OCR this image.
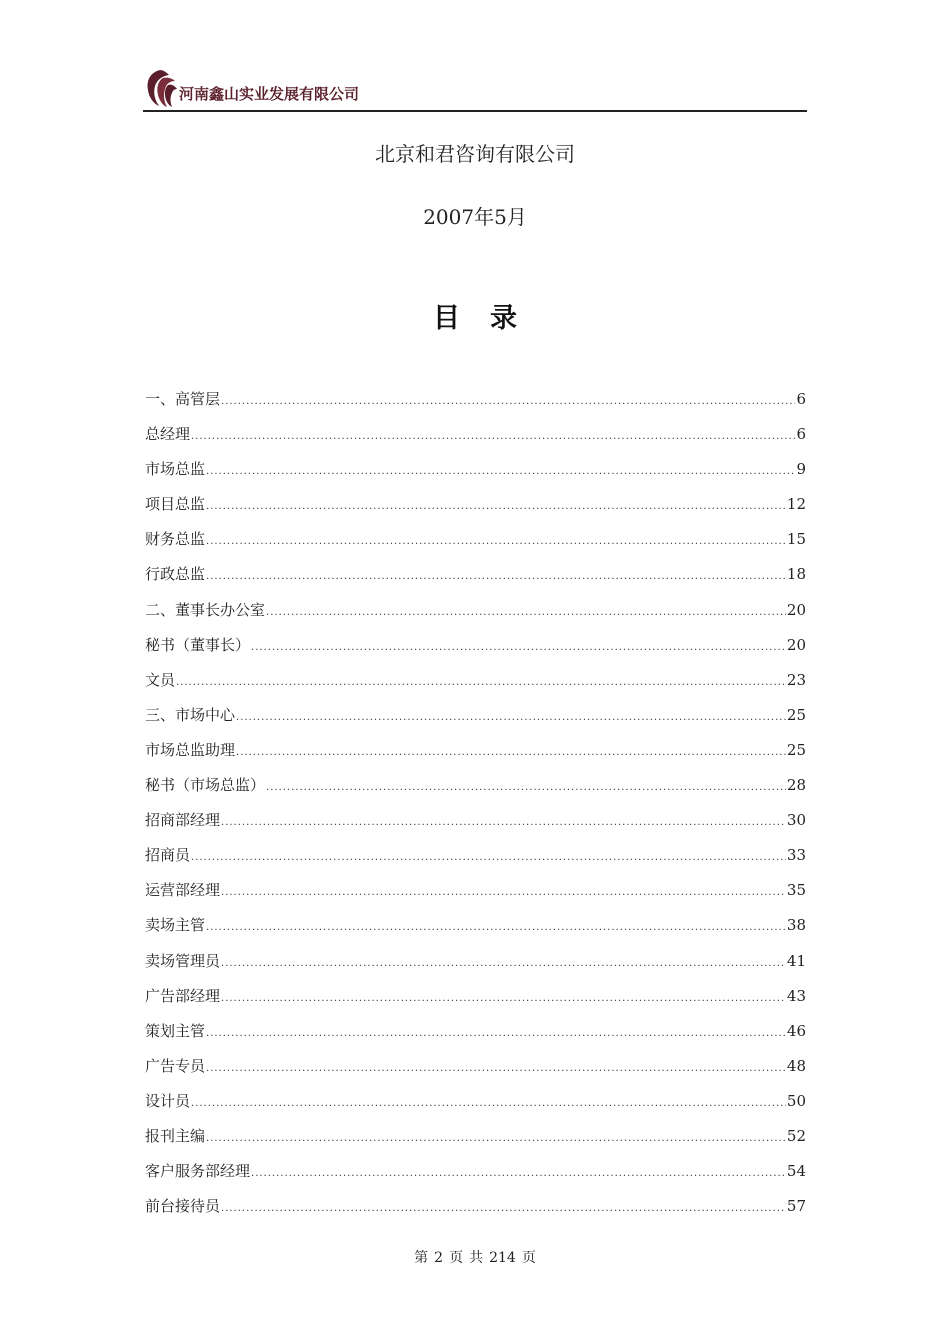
河南鑫山实业发展有限公司
北京和君咨询有限公司
2007年5月
目录
一、高管层 .....	6
总经理 .....	6
市场总监 .....	9
项目总监 .....	12
财务总监 .....	15
行政总监 .....	18
二、董事长办公室 .....	20
秘书（董事长） .....	20
文员 .....	23
三、市场中心 .....	25
市场总监助理 .....	25
秘书（市场总监） .....	28
招商部经理 .....	30
招商员 .....	33
运营部经理 .....	35
卖场主管 .....	38
卖场管理员 .....	41
广告部经理 .....	43
策划主管 .....	46
广告专员 .....	48
设计员 .....	50
报刊主编 .....	52
客户服务部经理 .....	54
前台接待员 .....	57
第 2 页 共 214 页
